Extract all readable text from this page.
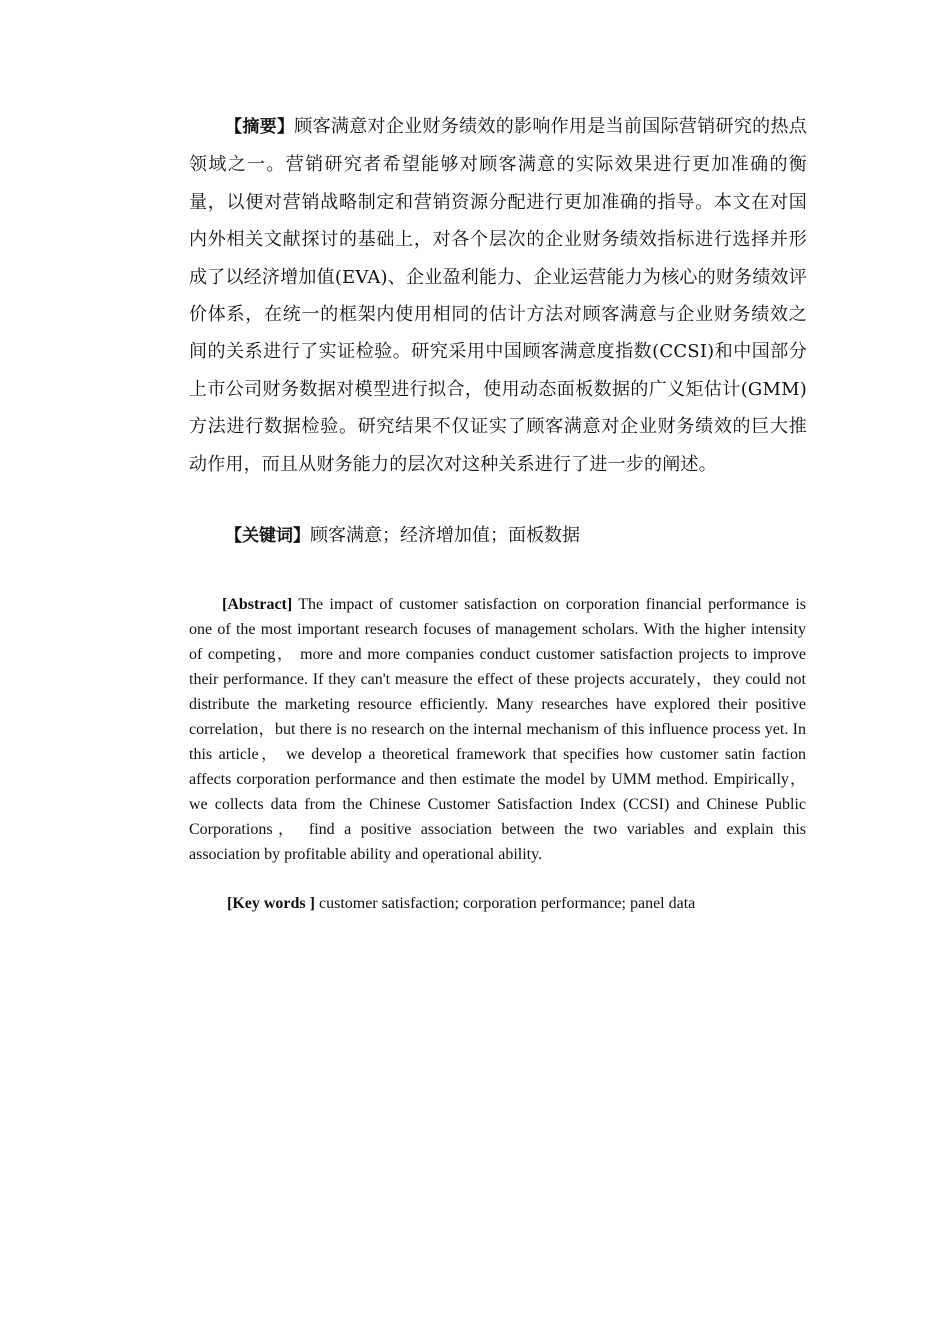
【摘要】顾客满意对企业财务绩效的影响作用是当前国际营销研究的热点领域之一。营销研究者希望能够对顾客满意的实际效果进行更加准确的衡量，以便对营销战略制定和营销资源分配进行更加准确的指导。本文在对国内外相关文献探讨的基础上，对各个层次的企业财务绩效指标进行选择并形成了以经济增加值(EVA)、企业盈利能力、企业运营能力为核心的财务绩效评价体系，在统一的框架内使用相同的估计方法对顾客满意与企业财务绩效之间的关系进行了实证检验。研究采用中国顾客满意度指数(CCSI)和中国部分上市公司财务数据对模型进行拟合，使用动态面板数据的广义矩估计(GMM)方法进行数据检验。研究结果不仅证实了顾客满意对企业财务绩效的巨大推动作用，而且从财务能力的层次对这种关系进行了进一步的阐述。

【关键词】顾客满意；经济增加值；面板数据

[Abstract] The impact of customer satisfaction on corporation financial performance is one of the most important research focuses of management scholars. With the higher intensity of competing， more and more companies conduct customer satisfaction projects to improve their performance. If they can't measure the effect of these projects accurately，they could not distribute the marketing resource efficiently. Many researches have explored their positive correlation，but there is no research on the internal mechanism of this influence process yet. In this article， we develop a theoretical framework that specifies how customer satin faction affects corporation performance and then estimate the model by UMM method. Empirically， we collects data from the Chinese Customer Satisfaction Index (CCSI) and Chinese Public Corporations， find a positive association between the two variables and explain this association by profitable ability and operational ability.

[Key words ] customer satisfaction; corporation performance; panel data
